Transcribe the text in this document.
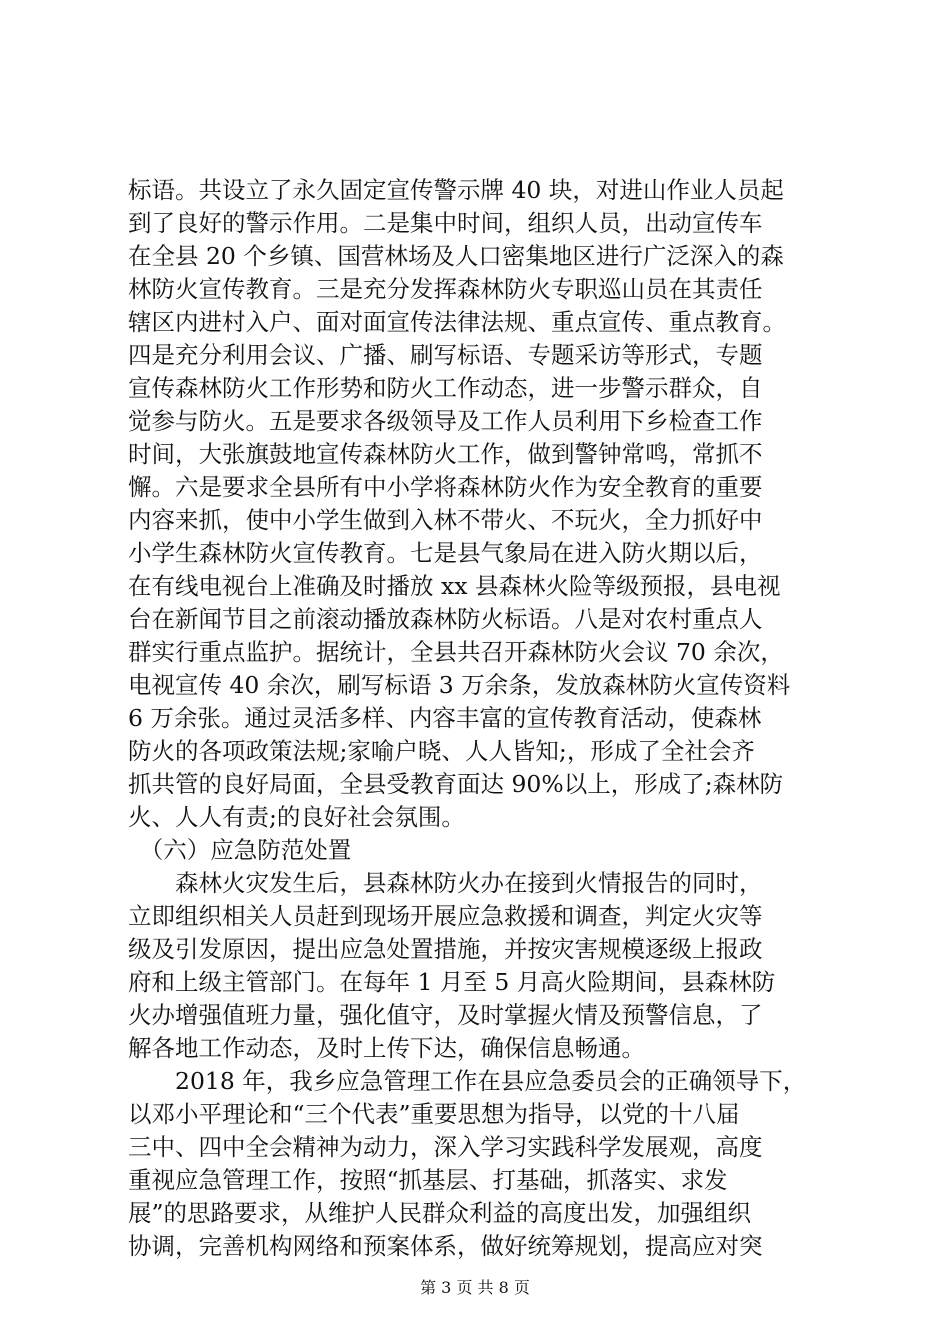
标语。共设立了永久固定宣传警示牌 40 块，对进山作业人员起
到了良好的警示作用。二是集中时间，组织人员，出动宣传车
在全县 20 个乡镇、国营林场及人口密集地区进行广泛深入的森
林防火宣传教育。三是充分发挥森林防火专职巡山员在其责任
辖区内进村入户、面对面宣传法律法规、重点宣传、重点教育。
四是充分利用会议、广播、刷写标语、专题采访等形式，专题
宣传森林防火工作形势和防火工作动态，进一步警示群众，自
觉参与防火。五是要求各级领导及工作人员利用下乡检查工作
时间，大张旗鼓地宣传森林防火工作，做到警钟常鸣，常抓不
懈。六是要求全县所有中小学将森林防火作为安全教育的重要
内容来抓，使中小学生做到入林不带火、不玩火，全力抓好中
小学生森林防火宣传教育。七是县气象局在进入防火期以后，
在有线电视台上准确及时播放 xx 县森林火险等级预报，县电视
台在新闻节目之前滚动播放森林防火标语。八是对农村重点人
群实行重点监护。据统计，全县共召开森林防火会议 70 余次，
电视宣传 40 余次，刷写标语 3 万余条，发放森林防火宣传资料
6 万余张。通过灵活多样、内容丰富的宣传教育活动，使森林
防火的各项政策法规;家喻户晓、人人皆知;，形成了全社会齐
抓共管的良好局面，全县受教育面达 90%以上，形成了;森林防
火、人人有责;的良好社会氛围。
　（六）应急防范处置
　　森林火灾发生后，县森林防火办在接到火情报告的同时，
立即组织相关人员赶到现场开展应急救援和调查，判定火灾等
级及引发原因，提出应急处置措施，并按灾害规模逐级上报政
府和上级主管部门。在每年 1 月至 5 月高火险期间，县森林防
火办增强值班力量，强化值守，及时掌握火情及预警信息，了
解各地工作动态，及时上传下达，确保信息畅通。
　　2018 年，我乡应急管理工作在县应急委员会的正确领导下，
以邓小平理论和“三个代表”重要思想为指导，以党的十八届
三中、四中全会精神为动力，深入学习实践科学发展观，高度
重视应急管理工作，按照“抓基层、打基础，抓落实、求发
展”的思路要求，从维护人民群众利益的高度出发，加强组织
协调，完善机构网络和预案体系，做好统筹规划，提高应对突
第 3 页 共 8 页
